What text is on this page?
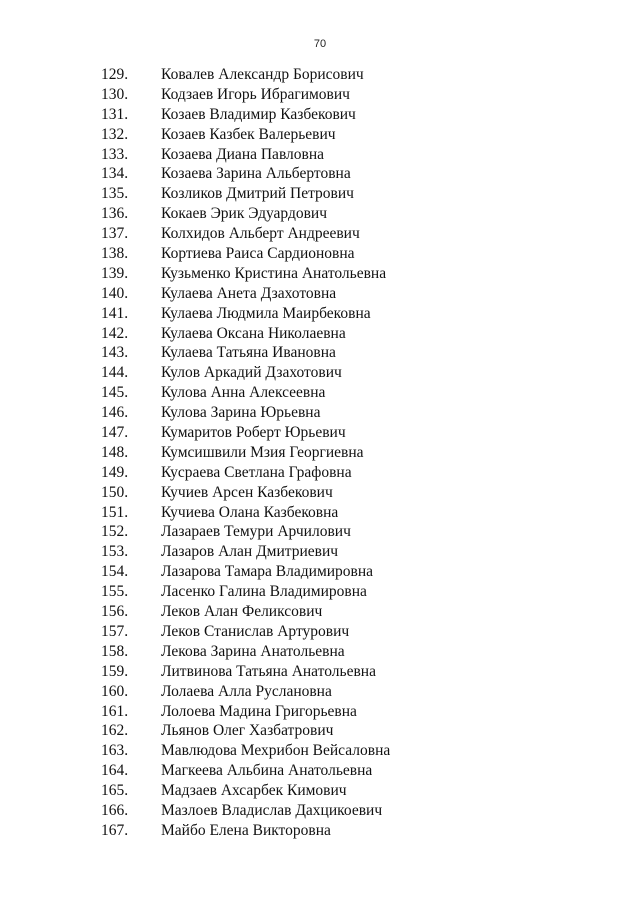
70
129. Ковалев Александр Борисович
130. Кодзаев Игорь Ибрагимович
131. Козаев Владимир Казбекович
132. Козаев Казбек Валерьевич
133. Козаева Диана Павловна
134. Козаева Зарина Альбертовна
135. Козликов Дмитрий Петрович
136. Кокаев Эрик Эдуардович
137. Колхидов Альберт Андреевич
138. Кортиева Раиса Сардионовна
139. Кузьменко Кристина Анатольевна
140. Кулаева Анета Дзахотовна
141. Кулаева Людмила Маирбековна
142. Кулаева Оксана Николаевна
143. Кулаева Татьяна Ивановна
144. Кулов Аркадий Дзахотович
145. Кулова Анна Алексеевна
146. Кулова Зарина Юрьевна
147. Кумаритов Роберт Юрьевич
148. Кумсишвили Мзия Георгиевна
149. Кусраева Светлана Графовна
150. Кучиев Арсен Казбекович
151. Кучиева Олана Казбековна
152. Лазараев Темури Арчилович
153. Лазаров Алан Дмитриевич
154. Лазарова Тамара Владимировна
155. Ласенко Галина Владимировна
156. Леков Алан Феликсович
157. Леков Станислав Артурович
158. Лекова Зарина Анатольевна
159. Литвинова Татьяна Анатольевна
160. Лолаева Алла Руслановна
161. Лолоева Мадина Григорьевна
162. Льянов Олег Хазбатрович
163. Мавлюдова Мехрибон Вейсаловна
164. Магкеева Альбина Анатольевна
165. Мадзаев Ахсарбек Кимович
166. Мазлоев Владислав Дахцикоевич
167. Майбо Елена Викторовна
